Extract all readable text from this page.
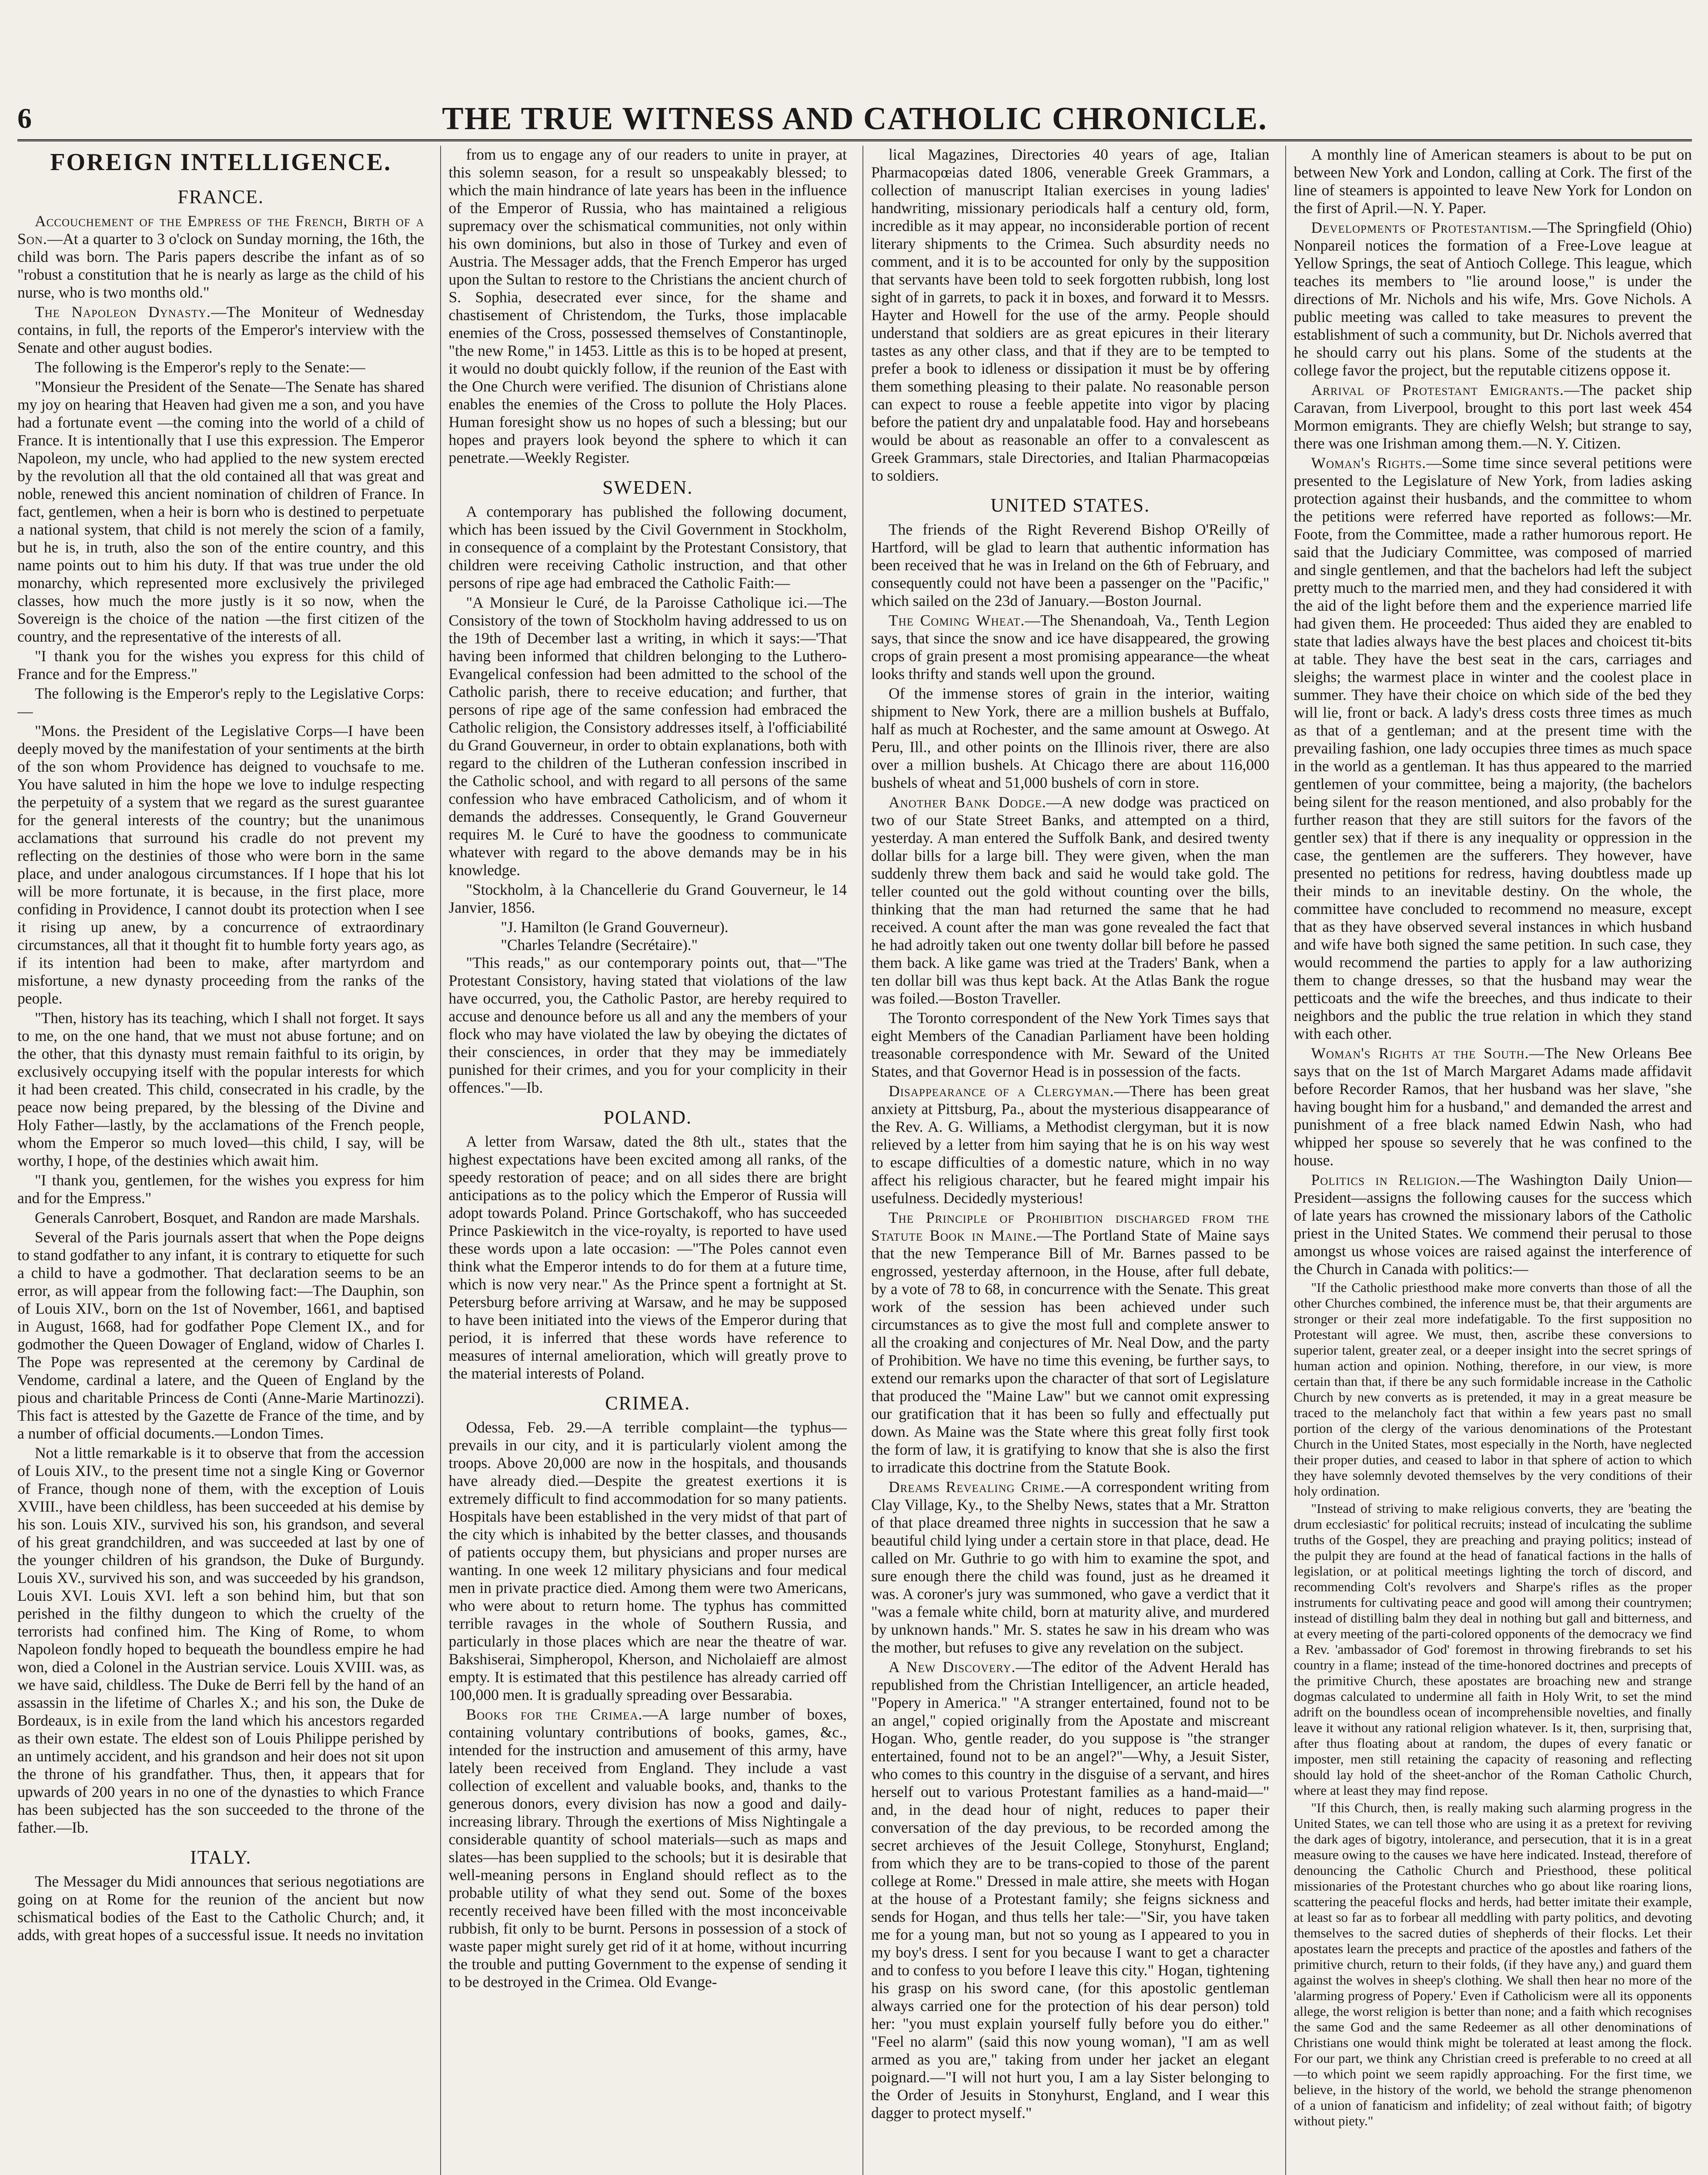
6	THE TRUE WITNESS AND CATHOLIC CHRONICLE.
FOREIGN INTELLIGENCE.
FRANCE.

Accouchement of the Empress of the French, Birth of a Son.—At a quarter to 3 o'clock on Sunday morning, the 16th, the child was born. The Paris papers describe the infant as of so "robust a constitution that he is nearly as large as the child of his nurse, who is two months old."

The Napoleon Dynasty.—The Moniteur of Wednesday contains, in full, the reports of the Emperor's interview with the Senate and other august bodies.

The following is the Emperor's reply to the Senate:—

"Monsieur the President of the Senate—The Senate has shared my joy on hearing that Heaven had given me a son, and you have had a fortunate event —the coming into the world of a child of France. It is intentionally that I use this expression. The Emperor Napoleon, my uncle, who had applied to the new system erected by the revolution all that the old contained all that was great and noble, renewed this ancient nomination of children of France. In fact, gentlemen, when a heir is born who is destined to perpetuate a national system, that child is not merely the scion of a family, but he is, in truth, also the son of the entire country, and this name points out to him his duty. If that was true under the old monarchy, which represented more exclusively the privileged classes, how much the more justly is it so now, when the Sovereign is the choice of the nation —the first citizen of the country, and the representative of the interests of all.

"I thank you for the wishes you express for this child of France and for the Empress."

The following is the Emperor's reply to the Legislative Corps:—

"Mons. the President of the Legislative Corps—I have been deeply moved by the manifestation of your sentiments at the birth of the son whom Providence has deigned to vouchsafe to me. You have saluted in him the hope we love to indulge respecting the perpetuity of a system that we regard as the surest guarantee for the general interests of the country; but the unanimous acclamations that surround his cradle do not prevent my reflecting on the destinies of those who were born in the same place, and under analogous circumstances. If I hope that his lot will be more fortunate, it is because, in the first place, more confiding in Providence, I cannot doubt its protection when I see it rising up anew, by a concurrence of extraordinary circumstances, all that it thought fit to humble forty years ago, as if its intention had been to make, after martyrdom and misfortune, a new dynasty proceeding from the ranks of the people.

"Then, history has its teaching, which I shall not forget. It says to me, on the one hand, that we must not abuse fortune; and on the other, that this dynasty must remain faithful to its origin, by exclusively occupying itself with the popular interests for which it had been created. This child, consecrated in his cradle, by the peace now being prepared, by the blessing of the Divine and Holy Father—lastly, by the acclamations of the French people, whom the Emperor so much loved—this child, I say, will be worthy, I hope, of the destinies which await him.

"I thank you, gentlemen, for the wishes you express for him and for the Empress."

Generals Canrobert, Bosquet, and Randon are made Marshals.

Several of the Paris journals assert that when the Pope deigns to stand godfather to any infant, it is contrary to etiquette for such a child to have a godmother. That declaration seems to be an error, as will appear from the following fact:—The Dauphin, son of Louis XIV., born on the 1st of November, 1661, and baptised in August, 1668, had for godfather Pope Clement IX., and for godmother the Queen Dowager of England, widow of Charles I. The Pope was represented at the ceremony by Cardinal de Vendome, cardinal a latere, and the Queen of England by the pious and charitable Princess de Conti (Anne-Marie Martinozzi). This fact is attested by the Gazette de France of the time, and by a number of official documents.—London Times.

Not a little remarkable is it to observe that from the accession of Louis XIV., to the present time not a single King or Governor of France, though none of them, with the exception of Louis XVIII., have been childless, has been succeeded at his demise by his son. Louis XIV., survived his son, his grandson, and several of his great grandchildren, and was succeeded at last by one of the younger children of his grandson, the Duke of Burgundy. Louis XV., survived his son, and was succeeded by his grandson, Louis XVI. Louis XVI. left a son behind him, but that son perished in the filthy dungeon to which the cruelty of the terrorists had confined him. The King of Rome, to whom Napoleon fondly hoped to bequeath the boundless empire he had won, died a Colonel in the Austrian service. Louis XVIII. was, as we have said, childless. The Duke de Berri fell by the hand of an assassin in the lifetime of Charles X.; and his son, the Duke de Bordeaux, is in exile from the land which his ancestors regarded as their own estate. The eldest son of Louis Philippe perished by an untimely accident, and his grandson and heir does not sit upon the throne of his grandfather. Thus, then, it appears that for upwards of 200 years in no one of the dynasties to which France has been subjected has the son succeeded to the throne of the father.—Ib.

ITALY.

The Messager du Midi announces that serious negotiations are going on at Rome for the reunion of the ancient but now schismatical bodies of the East to the Catholic Church; and, it adds, with great hopes of a successful issue. It needs no invitation

from us to engage any of our readers to unite in prayer, at this solemn season, for a result so unspeakably blessed; to which the main hindrance of late years has been in the influence of the Emperor of Russia, who has maintained a religious supremacy over the schismatical communities, not only within his own dominions, but also in those of Turkey and even of Austria. The Messager adds, that the French Emperor has urged upon the Sultan to restore to the Christians the ancient church of S. Sophia, desecrated ever since, for the shame and chastisement of Christendom, the Turks, those implacable enemies of the Cross, possessed themselves of Constantinople, "the new Rome," in 1453. Little as this is to be hoped at present, it would no doubt quickly follow, if the reunion of the East with the One Church were verified. The disunion of Christians alone enables the enemies of the Cross to pollute the Holy Places. Human foresight show us no hopes of such a blessing; but our hopes and prayers look beyond the sphere to which it can penetrate.—Weekly Register.

SWEDEN.

A contemporary has published the following document, which has been issued by the Civil Government in Stockholm, in consequence of a complaint by the Protestant Consistory, that children were receiving Catholic instruction, and that other persons of ripe age had embraced the Catholic Faith:—

"A Monsieur le Curé, de la Paroisse Catholique ici.—The Consistory of the town of Stockholm having addressed to us on the 19th of December last a writing, in which it says:—'That having been informed that children belonging to the Luthero-Evangelical confession had been admitted to the school of the Catholic parish, there to receive education; and further, that persons of ripe age of the same confession had embraced the Catholic religion, the Consistory addresses itself, à l'officiabilité du Grand Gouverneur, in order to obtain explanations, both with regard to the children of the Lutheran confession inscribed in the Catholic school, and with regard to all persons of the same confession who have embraced Catholicism, and of whom it demands the addresses. Consequently, le Grand Gouverneur requires M. le Curé to have the goodness to communicate whatever with regard to the above demands may be in his knowledge.

"Stockholm, à la Chancellerie du Grand Gouverneur, le 14 Janvier, 1856.

"J. Hamilton (le Grand Gouverneur).

"Charles Telandre (Secrétaire)."

"This reads," as our contemporary points out, that—"The Protestant Consistory, having stated that violations of the law have occurred, you, the Catholic Pastor, are hereby required to accuse and denounce before us all and any the members of your flock who may have violated the law by obeying the dictates of their consciences, in order that they may be immediately punished for their crimes, and you for your complicity in their offences."—Ib.

POLAND.

A letter from Warsaw, dated the 8th ult., states that the highest expectations have been excited among all ranks, of the speedy restoration of peace; and on all sides there are bright anticipations as to the policy which the Emperor of Russia will adopt towards Poland. Prince Gortschakoff, who has succeeded Prince Paskiewitch in the vice-royalty, is reported to have used these words upon a late occasion: —"The Poles cannot even think what the Emperor intends to do for them at a future time, which is now very near." As the Prince spent a fortnight at St. Petersburg before arriving at Warsaw, and he may be supposed to have been initiated into the views of the Emperor during that period, it is inferred that these words have reference to measures of internal amelioration, which will greatly prove to the material interests of Poland.

CRIMEA.

Odessa, Feb. 29.—A terrible complaint—the typhus—prevails in our city, and it is particularly violent among the troops. Above 20,000 are now in the hospitals, and thousands have already died.—Despite the greatest exertions it is extremely difficult to find accommodation for so many patients. Hospitals have been established in the very midst of that part of the city which is inhabited by the better classes, and thousands of patients occupy them, but physicians and proper nurses are wanting. In one week 12 military physicians and four medical men in private practice died. Among them were two Americans, who were about to return home. The typhus has committed terrible ravages in the whole of Southern Russia, and particularly in those places which are near the theatre of war. Bakshiserai, Simpheropol, Kherson, and Nicholaieff are almost empty. It is estimated that this pestilence has already carried off 100,000 men. It is gradually spreading over Bessarabia.

Books for the Crimea.—A large number of boxes, containing voluntary contributions of books, games, &c., intended for the instruction and amusement of this army, have lately been received from England. They include a vast collection of excellent and valuable books, and, thanks to the generous donors, every division has now a good and daily-increasing library. Through the exertions of Miss Nightingale a considerable quantity of school materials—such as maps and slates—has been supplied to the schools; but it is desirable that well-meaning persons in England should reflect as to the probable utility of what they send out. Some of the boxes recently received have been filled with the most inconceivable rubbish, fit only to be burnt. Persons in possession of a stock of waste paper might surely get rid of it at home, without incurring the trouble and putting Government to the expense of sending it to be destroyed in the Crimea. Old Evange-

lical Magazines, Directories 40 years of age, Italian Pharmacopœias dated 1806, venerable Greek Grammars, a collection of manuscript Italian exercises in young ladies' handwriting, missionary periodicals half a century old, form, incredible as it may appear, no inconsiderable portion of recent literary shipments to the Crimea. Such absurdity needs no comment, and it is to be accounted for only by the supposition that servants have been told to seek forgotten rubbish, long lost sight of in garrets, to pack it in boxes, and forward it to Messrs. Hayter and Howell for the use of the army. People should understand that soldiers are as great epicures in their literary tastes as any other class, and that if they are to be tempted to prefer a book to idleness or dissipation it must be by offering them something pleasing to their palate. No reasonable person can expect to rouse a feeble appetite into vigor by placing before the patient dry and unpalatable food. Hay and horsebeans would be about as reasonable an offer to a convalescent as Greek Grammars, stale Directories, and Italian Pharmacopœias to soldiers.

UNITED STATES.

The friends of the Right Reverend Bishop O'Reilly of Hartford, will be glad to learn that authentic information has been received that he was in Ireland on the 6th of February, and consequently could not have been a passenger on the "Pacific," which sailed on the 23d of January.—Boston Journal.

The Coming Wheat.—The Shenandoah, Va., Tenth Legion says, that since the snow and ice have disappeared, the growing crops of grain present a most promising appearance—the wheat looks thrifty and stands well upon the ground.

Of the immense stores of grain in the interior, waiting shipment to New York, there are a million bushels at Buffalo, half as much at Rochester, and the same amount at Oswego. At Peru, Ill., and other points on the Illinois river, there are also over a million bushels. At Chicago there are about 116,000 bushels of wheat and 51,000 bushels of corn in store.

Another Bank Dodge.—A new dodge was practiced on two of our State Street Banks, and attempted on a third, yesterday. A man entered the Suffolk Bank, and desired twenty dollar bills for a large bill. They were given, when the man suddenly threw them back and said he would take gold. The teller counted out the gold without counting over the bills, thinking that the man had returned the same that he had received. A count after the man was gone revealed the fact that he had adroitly taken out one twenty dollar bill before he passed them back. A like game was tried at the Traders' Bank, when a ten dollar bill was thus kept back. At the Atlas Bank the rogue was foiled.—Boston Traveller.

The Toronto correspondent of the New York Times says that eight Members of the Canadian Parliament have been holding treasonable correspondence with Mr. Seward of the United States, and that Governor Head is in possession of the facts.

Disappearance of a Clergyman.—There has been great anxiety at Pittsburg, Pa., about the mysterious disappearance of the Rev. A. G. Williams, a Methodist clergyman, but it is now relieved by a letter from him saying that he is on his way west to escape difficulties of a domestic nature, which in no way affect his religious character, but he feared might impair his usefulness. Decidedly mysterious!

The Principle of Prohibition discharged from the Statute Book in Maine.—The Portland State of Maine says that the new Temperance Bill of Mr. Barnes passed to be engrossed, yesterday afternoon, in the House, after full debate, by a vote of 78 to 68, in concurrence with the Senate. This great work of the session has been achieved under such circumstances as to give the most full and complete answer to all the croaking and conjectures of Mr. Neal Dow, and the party of Prohibition. We have no time this evening, be further says, to extend our remarks upon the character of that sort of Legislature that produced the "Maine Law" but we cannot omit expressing our gratification that it has been so fully and effectually put down. As Maine was the State where this great folly first took the form of law, it is gratifying to know that she is also the first to irradicate this doctrine from the Statute Book.

Dreams Revealing Crime.—A correspondent writing from Clay Village, Ky., to the Shelby News, states that a Mr. Stratton of that place dreamed three nights in succession that he saw a beautiful child lying under a certain store in that place, dead. He called on Mr. Guthrie to go with him to examine the spot, and sure enough there the child was found, just as he dreamed it was. A coroner's jury was summoned, who gave a verdict that it "was a female white child, born at maturity alive, and murdered by unknown hands." Mr. S. states he saw in his dream who was the mother, but refuses to give any revelation on the subject.

A New Discovery.—The editor of the Advent Herald has republished from the Christian Intelligencer, an article headed, "Popery in America." "A stranger entertained, found not to be an angel," copied originally from the Apostate and miscreant Hogan. Who, gentle reader, do you suppose is "the stranger entertained, found not to be an angel?"—Why, a Jesuit Sister, who comes to this country in the disguise of a servant, and hires herself out to various Protestant families as a hand-maid—" and, in the dead hour of night, reduces to paper their conversation of the day previous, to be recorded among the secret archieves of the Jesuit College, Stonyhurst, England; from which they are to be trans-copied to those of the parent college at Rome." Dressed in male attire, she meets with Hogan at the house of a Protestant family; she feigns sickness and sends for Hogan, and thus tells her tale:—"Sir, you have taken me for a young man, but not so young as I appeared to you in my boy's dress. I sent for you because I want to get a character and to confess to you before I leave this city." Hogan, tightening his grasp on his sword cane, (for this apostolic gentleman always carried one for the protection of his dear person) told her: "you must explain yourself fully before you do either." "Feel no alarm" (said this now young woman), "I am as well armed as you are," taking from under her jacket an elegant poignard.—"I will not hurt you, I am a lay Sister belonging to the Order of Jesuits in Stonyhurst, England, and I wear this dagger to protect myself."

A monthly line of American steamers is about to be put on between New York and London, calling at Cork. The first of the line of steamers is appointed to leave New York for London on the first of April.—N. Y. Paper.

Developments of Protestantism.—The Springfield (Ohio) Nonpareil notices the formation of a Free-Love league at Yellow Springs, the seat of Antioch College. This league, which teaches its members to "lie around loose," is under the directions of Mr. Nichols and his wife, Mrs. Gove Nichols. A public meeting was called to take measures to prevent the establishment of such a community, but Dr. Nichols averred that he should carry out his plans. Some of the students at the college favor the project, but the reputable citizens oppose it.

Arrival of Protestant Emigrants.—The packet ship Caravan, from Liverpool, brought to this port last week 454 Mormon emigrants. They are chiefly Welsh; but strange to say, there was one Irishman among them.—N. Y. Citizen.

Woman's Rights.—Some time since several petitions were presented to the Legislature of New York, from ladies asking protection against their husbands, and the committee to whom the petitions were referred have reported as follows:—Mr. Foote, from the Committee, made a rather humorous report. He said that the Judiciary Committee, was composed of married and single gentlemen, and that the bachelors had left the subject pretty much to the married men, and they had considered it with the aid of the light before them and the experience married life had given them. He proceeded: Thus aided they are enabled to state that ladies always have the best places and choicest tit-bits at table. They have the best seat in the cars, carriages and sleighs; the warmest place in winter and the coolest place in summer. They have their choice on which side of the bed they will lie, front or back. A lady's dress costs three times as much as that of a gentleman; and at the present time with the prevailing fashion, one lady occupies three times as much space in the world as a gentleman. It has thus appeared to the married gentlemen of your committee, being a majority, (the bachelors being silent for the reason mentioned, and also probably for the further reason that they are still suitors for the favors of the gentler sex) that if there is any inequality or oppression in the case, the gentlemen are the sufferers. They however, have presented no petitions for redress, having doubtless made up their minds to an inevitable destiny. On the whole, the committee have concluded to recommend no measure, except that as they have observed several instances in which husband and wife have both signed the same petition. In such case, they would recommend the parties to apply for a law authorizing them to change dresses, so that the husband may wear the petticoats and the wife the breeches, and thus indicate to their neighbors and the public the true relation in which they stand with each other.

Woman's Rights at the South.—The New Orleans Bee says that on the 1st of March Margaret Adams made affidavit before Recorder Ramos, that her husband was her slave, "she having bought him for a husband," and demanded the arrest and punishment of a free black named Edwin Nash, who had whipped her spouse so severely that he was confined to the house.

Politics in Religion.—The Washington Daily Union—President—assigns the following causes for the success which of late years has crowned the missionary labors of the Catholic priest in the United States. We commend their perusal to those amongst us whose voices are raised against the interference of the Church in Canada with politics:—

"If the Catholic priesthood make more converts than those of all the other Churches combined, the inference must be, that their arguments are stronger or their zeal more indefatigable. To the first supposition no Protestant will agree. We must, then, ascribe these conversions to superior talent, greater zeal, or a deeper insight into the secret springs of human action and opinion. Nothing, therefore, in our view, is more certain than that, if there be any such formidable increase in the Catholic Church by new converts as is pretended, it may in a great measure be traced to the melancholy fact that within a few years past no small portion of the clergy of the various denominations of the Protestant Church in the United States, most especially in the North, have neglected their proper duties, and ceased to labor in that sphere of action to which they have solemnly devoted themselves by the very conditions of their holy ordination.

"Instead of striving to make religious converts, they are 'beating the drum ecclesiastic' for political recruits; instead of inculcating the sublime truths of the Gospel, they are preaching and praying politics; instead of the pulpit they are found at the head of fanatical factions in the halls of legislation, or at political meetings lighting the torch of discord, and recommending Colt's revolvers and Sharpe's rifles as the proper instruments for cultivating peace and good will among their countrymen; instead of distilling balm they deal in nothing but gall and bitterness, and at every meeting of the parti-colored opponents of the democracy we find a Rev. 'ambassador of God' foremost in throwing firebrands to set his country in a flame; instead of the time-honored doctrines and precepts of the primitive Church, these apostates are broaching new and strange dogmas calculated to undermine all faith in Holy Writ, to set the mind adrift on the boundless ocean of incomprehensible novelties, and finally leave it without any rational religion whatever. Is it, then, surprising that, after thus floating about at random, the dupes of every fanatic or imposter, men still retaining the capacity of reasoning and reflecting should lay hold of the sheet-anchor of the Roman Catholic Church, where at least they may find repose.

"If this Church, then, is really making such alarming progress in the United States, we can tell those who are using it as a pretext for reviving the dark ages of bigotry, intolerance, and persecution, that it is in a great measure owing to the causes we have here indicated. Instead, therefore of denouncing the Catholic Church and Priesthood, these political missionaries of the Protestant churches who go about like roaring lions, scattering the peaceful flocks and herds, had better imitate their example, at least so far as to forbear all meddling with party politics, and devoting themselves to the sacred duties of shepherds of their flocks. Let their apostates learn the precepts and practice of the apostles and fathers of the primitive church, return to their folds, (if they have any,) and guard them against the wolves in sheep's clothing. We shall then hear no more of the 'alarming progress of Popery.' Even if Catholicism were all its opponents allege, the worst religion is better than none; and a faith which recognises the same God and the same Redeemer as all other denominations of Christians one would think might be tolerated at least among the flock. For our part, we think any Christian creed is preferable to no creed at all—to which point we seem rapidly approaching. For the first time, we believe, in the history of the world, we behold the strange phenomenon of a union of fanaticism and infidelity; of zeal without faith; of bigotry without piety."
